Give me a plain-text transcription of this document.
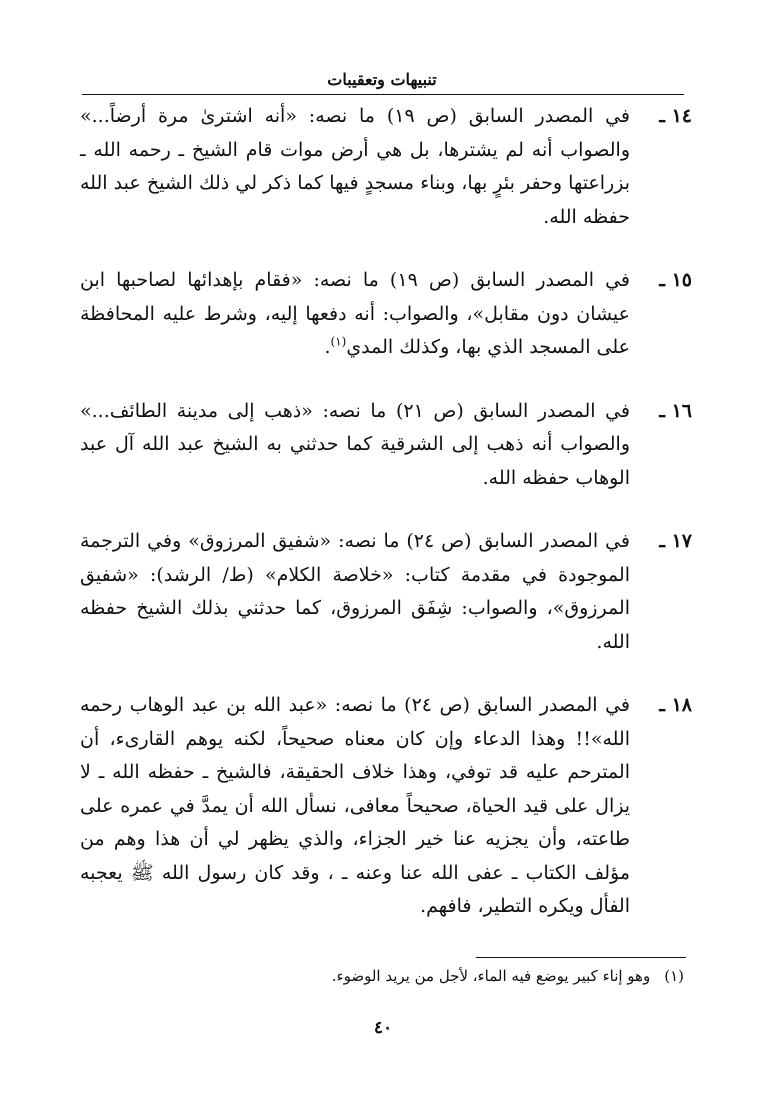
تنبيهات وتعقيبات
١٤ ـ
في المصدر السابق (ص ١٩) ما نصه: «أنه اشترىٰ مرة أرضاً...» والصواب أنه لم يشترها، بل هي أرض موات قام الشيخ ـ رحمه الله ـ بزراعتها وحفر بئرٍ بها، وبناء مسجدٍ فيها كما ذكر لي ذلك الشيخ عبد الله حفظه الله.
١٥ ـ
في المصدر السابق (ص ١٩) ما نصه: «فقام بإهدائها لصاحبها ابن عيشان دون مقابل»، والصواب: أنه دفعها إليه، وشرط عليه المحافظة على المسجد الذي بها، وكذلك المدي$^{(١)}$.
١٦ ـ
في المصدر السابق (ص ٢١) ما نصه: «ذهب إلى مدينة الطائف...» والصواب أنه ذهب إلى الشرقية كما حدثني به الشيخ عبد الله آل عبد الوهاب حفظه الله.
١٧ ـ
في المصدر السابق (ص ٢٤) ما نصه: «شفيق المرزوق» وفي الترجمة الموجودة في مقدمة كتاب: «خلاصة الكلام» (ط/ الرشد): «شفيق المرزوق»، والصواب: شِفَق المرزوق، كما حدثني بذلك الشيخ حفظه الله.
١٨ ـ
في المصدر السابق (ص ٢٤) ما نصه: «عبد الله بن عبد الوهاب رحمه الله»!! وهذا الدعاء وإن كان معناه صحيحاً، لكنه يوهم القارىء، أن المترحم عليه قد توفي، وهذا خلاف الحقيقة، فالشيخ ـ حفظه الله ـ لا يزال على قيد الحياة، صحيحاً معافى، نسأل الله أن يمدَّ في عمره على طاعته، وأن يجزيه عنا خير الجزاء، والذي يظهر لي أن هذا وهم من مؤلف الكتاب ـ عفى الله عنا وعنه ـ ، وقد كان رسول الله ﷺ يعجبه الفأل ويكره التطير، فافهم.
(١)وهو إناء كبير يوضع فيه الماء، لأجل من يريد الوضوء.
٤٠
